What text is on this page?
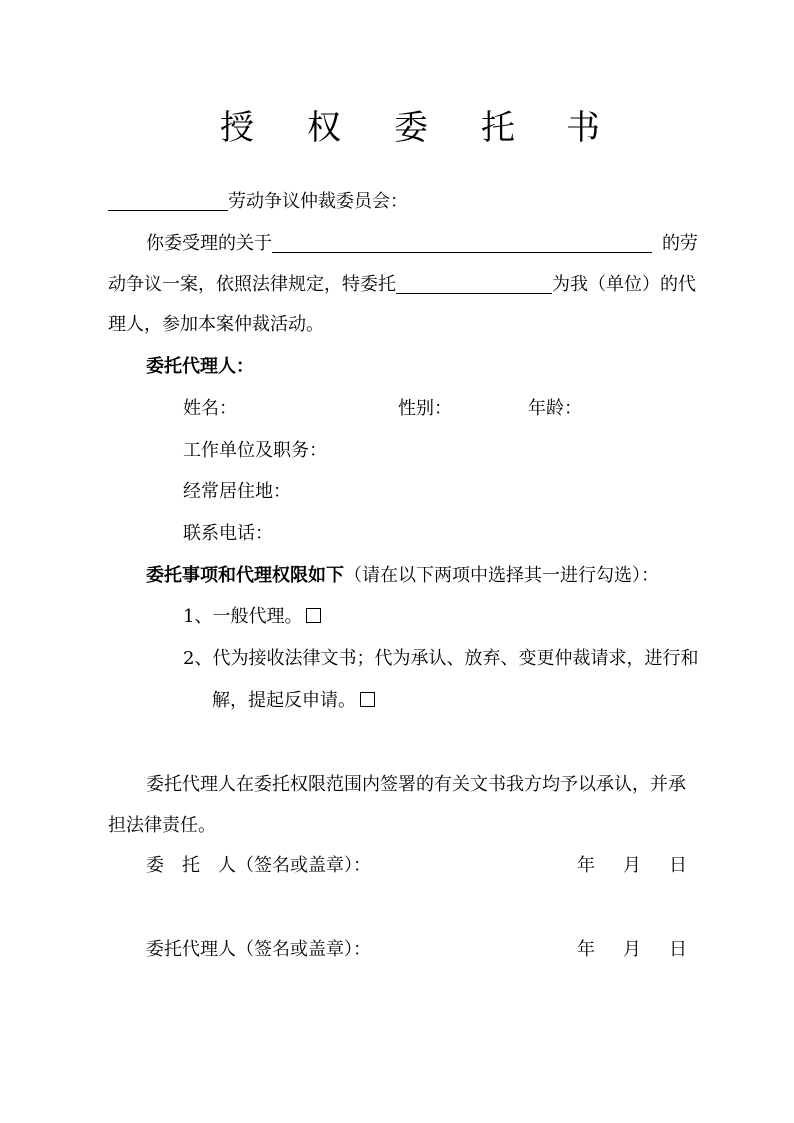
授 权 委 托 书
劳动争议仲裁委员会：
你委受理的关于	的劳
动争议一案，依照法律规定，特委托	为我（单位）的代
理人，参加本案仲裁活动。
委托代理人：
姓名：	性别：	年龄：
工作单位及职务：
经常居住地：
联系电话：
委托事项和代理权限如下（请在以下两项中选择其一进行勾选）：
1、一般代理。
2、代为接收法律文书；代为承认、放弃、变更仲裁请求，进行和
解，提起反申请。
委托代理人在委托权限范围内签署的有关文书我方均予以承认，并承
担法律责任。
委　托　人（签名或盖章）：	年 月 日
委托代理人（签名或盖章）：	年 月 日
